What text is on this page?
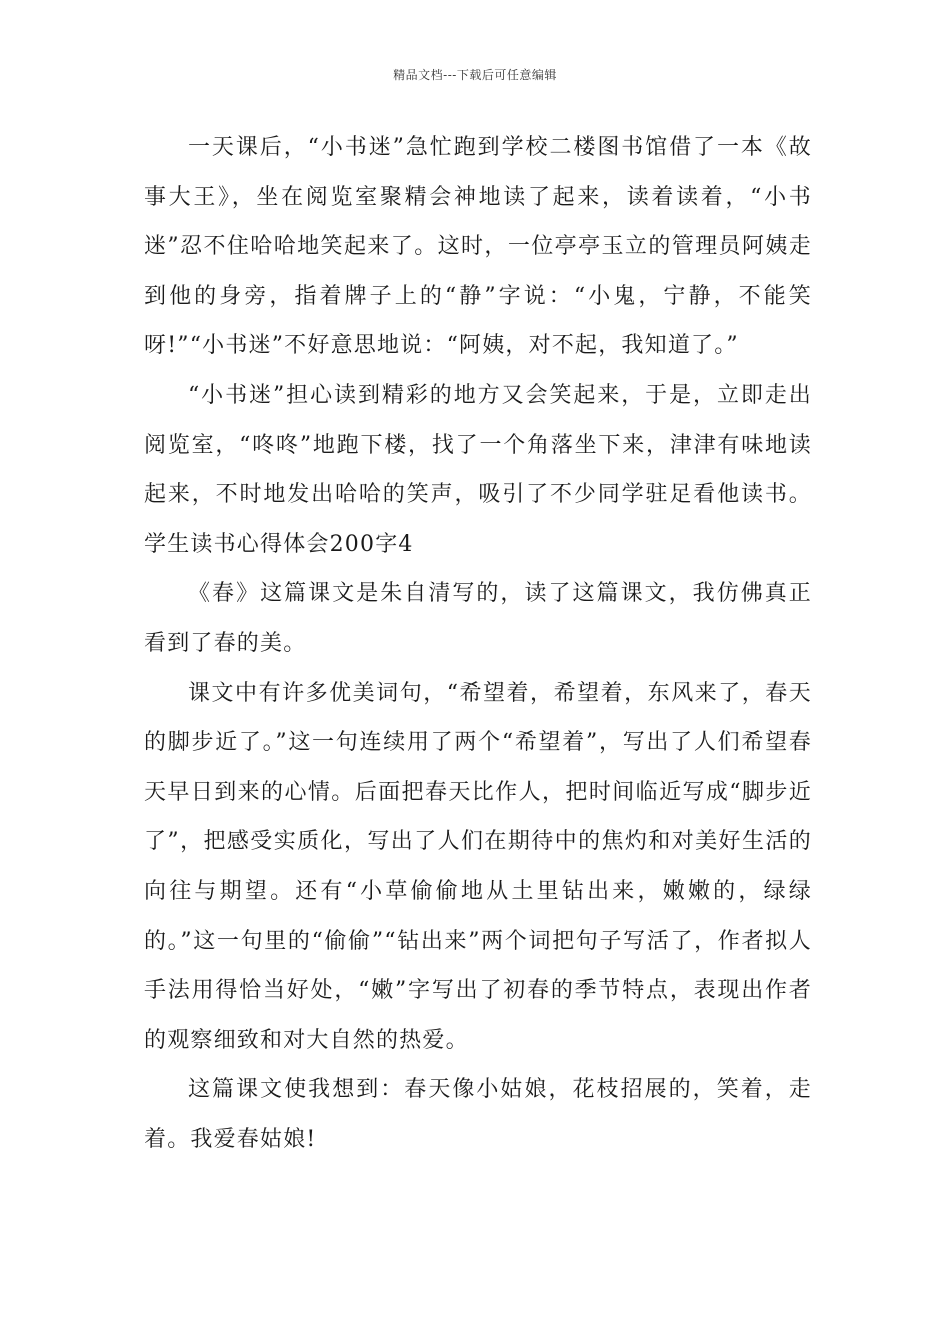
精品文档---下载后可任意编辑

一天课后，“小书迷”急忙跑到学校二楼图书馆借了一本《故事大王》，坐在阅览室聚精会神地读了起来，读着读着，“小书迷”忍不住哈哈地笑起来了。这时，一位亭亭玉立的管理员阿姨走到他的身旁，指着牌子上的“静”字说：“小鬼，宁静，不能笑呀!”“小书迷”不好意思地说：“阿姨，对不起，我知道了。”

“小书迷”担心读到精彩的地方又会笑起来，于是，立即走出阅览室，“咚咚”地跑下楼，找了一个角落坐下来，津津有味地读起来，不时地发出哈哈的笑声，吸引了不少同学驻足看他读书。学生读书心得体会200字4

《春》这篇课文是朱自清写的，读了这篇课文，我仿佛真正看到了春的美。

课文中有许多优美词句，“希望着，希望着，东风来了，春天的脚步近了。”这一句连续用了两个“希望着”，写出了人们希望春天早日到来的心情。后面把春天比作人，把时间临近写成“脚步近了”，把感受实质化，写出了人们在期待中的焦灼和对美好生活的向往与期望。还有“小草偷偷地从土里钻出来，嫩嫩的，绿绿的。”这一句里的“偷偷”“钻出来”两个词把句子写活了，作者拟人手法用得恰当好处，“嫩”字写出了初春的季节特点，表现出作者的观察细致和对大自然的热爱。

这篇课文使我想到：春天像小姑娘，花枝招展的，笑着，走着。我爱春姑娘!
